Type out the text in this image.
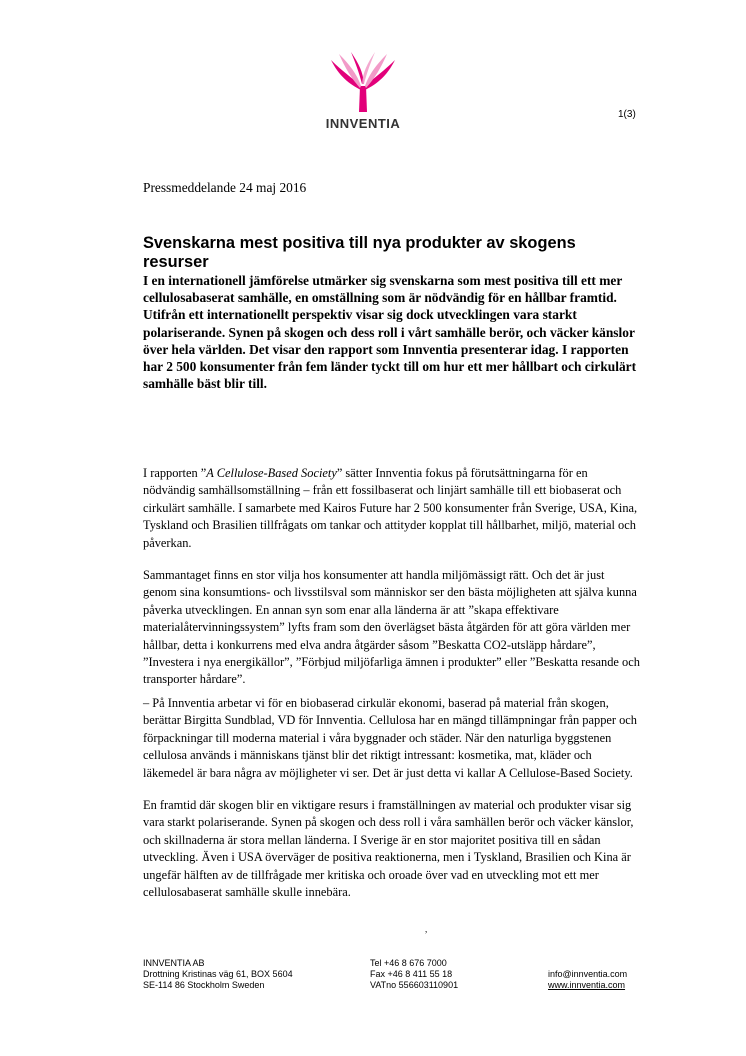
INNVENTIA
1(3)
Pressmeddelande 24 maj 2016
Svenskarna mest positiva till nya produkter av skogens resurser
I en internationell jämförelse utmärker sig svenskarna som mest positiva till ett mer cellulosabaserat samhälle, en omställning som är nödvändig för en hållbar framtid. Utifrån ett internationellt perspektiv visar sig dock utvecklingen vara starkt polariserande. Synen på skogen och dess roll i vårt samhälle berör, och väcker känslor över hela världen. Det visar den rapport som Innventia presenterar idag. I rapporten har 2 500 konsumenter från fem länder tyckt till om hur ett mer hållbart och cirkulärt samhälle bäst blir till.

I rapporten ”A Cellulose-Based Society” sätter Innventia fokus på förutsättningarna för en nödvändig samhällsomställning – från ett fossilbaserat och linjärt samhälle till ett biobaserat och cirkulärt samhälle. I samarbete med Kairos Future har 2 500 konsumenter från Sverige, USA, Kina, Tyskland och Brasilien tillfrågats om tankar och attityder kopplat till hållbarhet, miljö, material och påverkan.

Sammantaget finns en stor vilja hos konsumenter att handla miljömässigt rätt. Och det är just genom sina konsumtions- och livsstilsval som människor ser den bästa möjligheten att själva kunna påverka utvecklingen. En annan syn som enar alla länderna är att ”skapa effektivare materialåtervinningssystem” lyfts fram som den överlägset bästa åtgärden för att göra världen mer hållbar, detta i konkurrens med elva andra åtgärder såsom ”Beskatta CO2-utsläpp hårdare”, ”Investera i nya energikällor”, ”Förbjud miljöfarliga ämnen i produkter” eller ”Beskatta resande och transporter hårdare”.

– På Innventia arbetar vi för en biobaserad cirkulär ekonomi, baserad på material från skogen, berättar Birgitta Sundblad, VD för Innventia. Cellulosa har en mängd tillämpningar från papper och förpackningar till moderna material i våra byggnader och städer. När den naturliga byggstenen cellulosa används i människans tjänst blir det riktigt intressant: kosmetika, mat, kläder och läkemedel är bara några av möjligheter vi ser. Det är just detta vi kallar A Cellulose-Based Society.

En framtid där skogen blir en viktigare resurs i framställningen av material och produkter visar sig vara starkt polariserande. Synen på skogen och dess roll i våra samhällen berör och väcker känslor, och skillnaderna är stora mellan länderna. I Sverige är en stor majoritet positiva till en sådan utveckling. Även i USA överväger de positiva reaktionerna, men i Tyskland, Brasilien och Kina är ungefär hälften av de tillfrågade mer kritiska och oroade över vad en utveckling mot ett mer cellulosabaserat samhälle skulle innebära.

,
INNVENTIA AB
Drottning Kristinas väg 61, BOX 5604
SE-114 86 Stockholm Sweden
Tel +46 8 676 7000
Fax +46 8 411 55 18
VATno 556603110901
info@innventia.com
www.innventia.com
